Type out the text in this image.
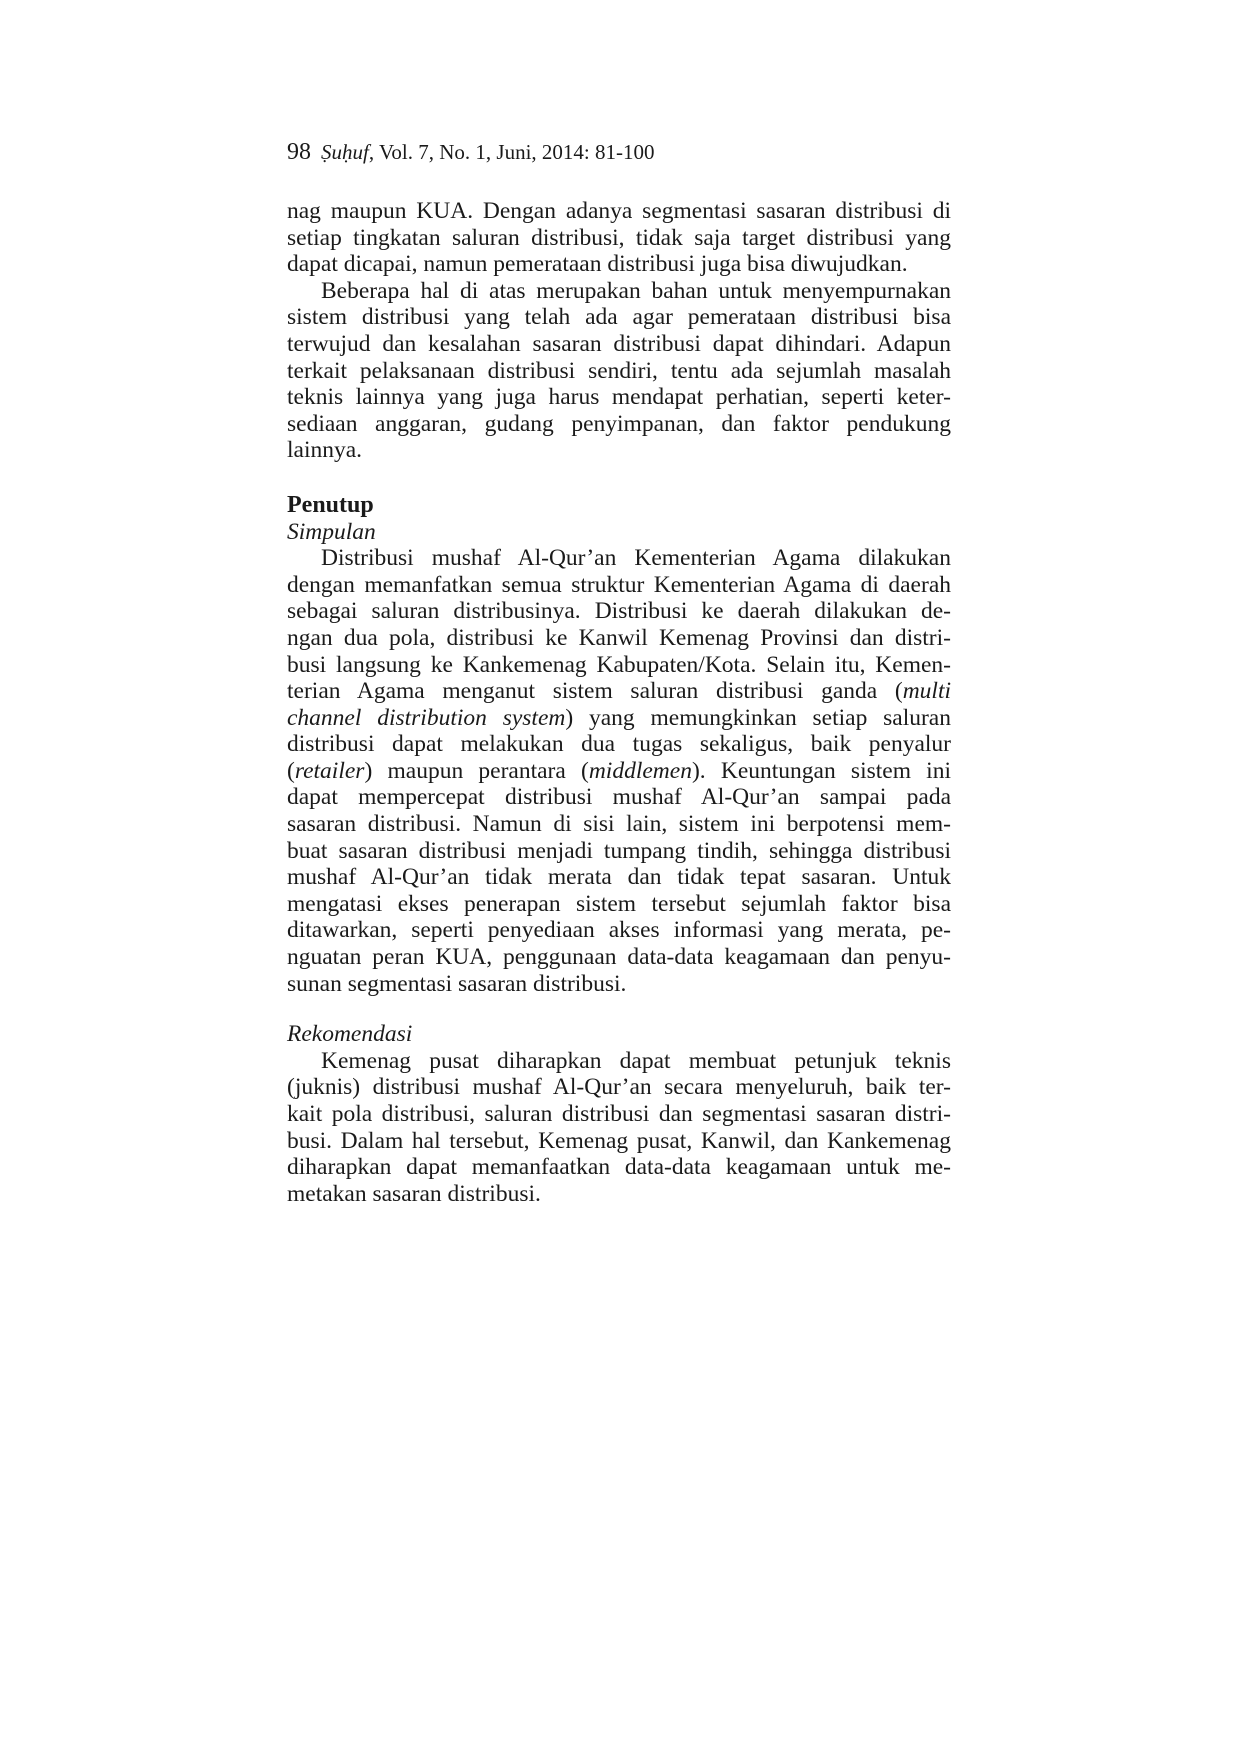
98 Ṣuḥuf, Vol. 7, No. 1, Juni, 2014: 81-100
nag maupun KUA. Dengan adanya segmentasi sasaran distribusi di
setiap tingkatan saluran distribusi, tidak saja target distribusi yang
dapat dicapai, namun pemerataan distribusi juga bisa diwujudkan.
Beberapa hal di atas merupakan bahan untuk menyempurnakan
sistem distribusi yang telah ada agar pemerataan distribusi bisa
terwujud dan kesalahan sasaran distribusi dapat dihindari. Adapun
terkait pelaksanaan distribusi sendiri, tentu ada sejumlah masalah
teknis lainnya yang juga harus mendapat perhatian, seperti keter-
sediaan anggaran, gudang penyimpanan, dan faktor pendukung
lainnya.
Penutup
Simpulan
Distribusi mushaf Al-Qur’an Kementerian Agama dilakukan
dengan memanfatkan semua struktur Kementerian Agama di daerah
sebagai saluran distribusinya. Distribusi ke daerah dilakukan de-
ngan dua pola, distribusi ke Kanwil Kemenag Provinsi dan distri-
busi langsung ke Kankemenag Kabupaten/Kota. Selain itu, Kemen-
terian Agama menganut sistem saluran distribusi ganda (multi
channel distribution system) yang memungkinkan setiap saluran
distribusi dapat melakukan dua tugas sekaligus, baik penyalur
(retailer) maupun perantara (middlemen). Keuntungan sistem ini
dapat mempercepat distribusi mushaf Al-Qur’an sampai pada
sasaran distribusi. Namun di sisi lain, sistem ini berpotensi mem-
buat sasaran distribusi menjadi tumpang tindih, sehingga distribusi
mushaf Al-Qur’an tidak merata dan tidak tepat sasaran. Untuk
mengatasi ekses penerapan sistem tersebut sejumlah faktor bisa
ditawarkan, seperti penyediaan akses informasi yang merata, pe-
nguatan peran KUA, penggunaan data-data keagamaan dan penyu-
sunan segmentasi sasaran distribusi.
Rekomendasi
Kemenag pusat diharapkan dapat membuat petunjuk teknis
(juknis) distribusi mushaf Al-Qur’an secara menyeluruh, baik ter-
kait pola distribusi, saluran distribusi dan segmentasi sasaran distri-
busi. Dalam hal tersebut, Kemenag pusat, Kanwil, dan Kankemenag
diharapkan dapat memanfaatkan data-data keagamaan untuk me-
metakan sasaran distribusi.
